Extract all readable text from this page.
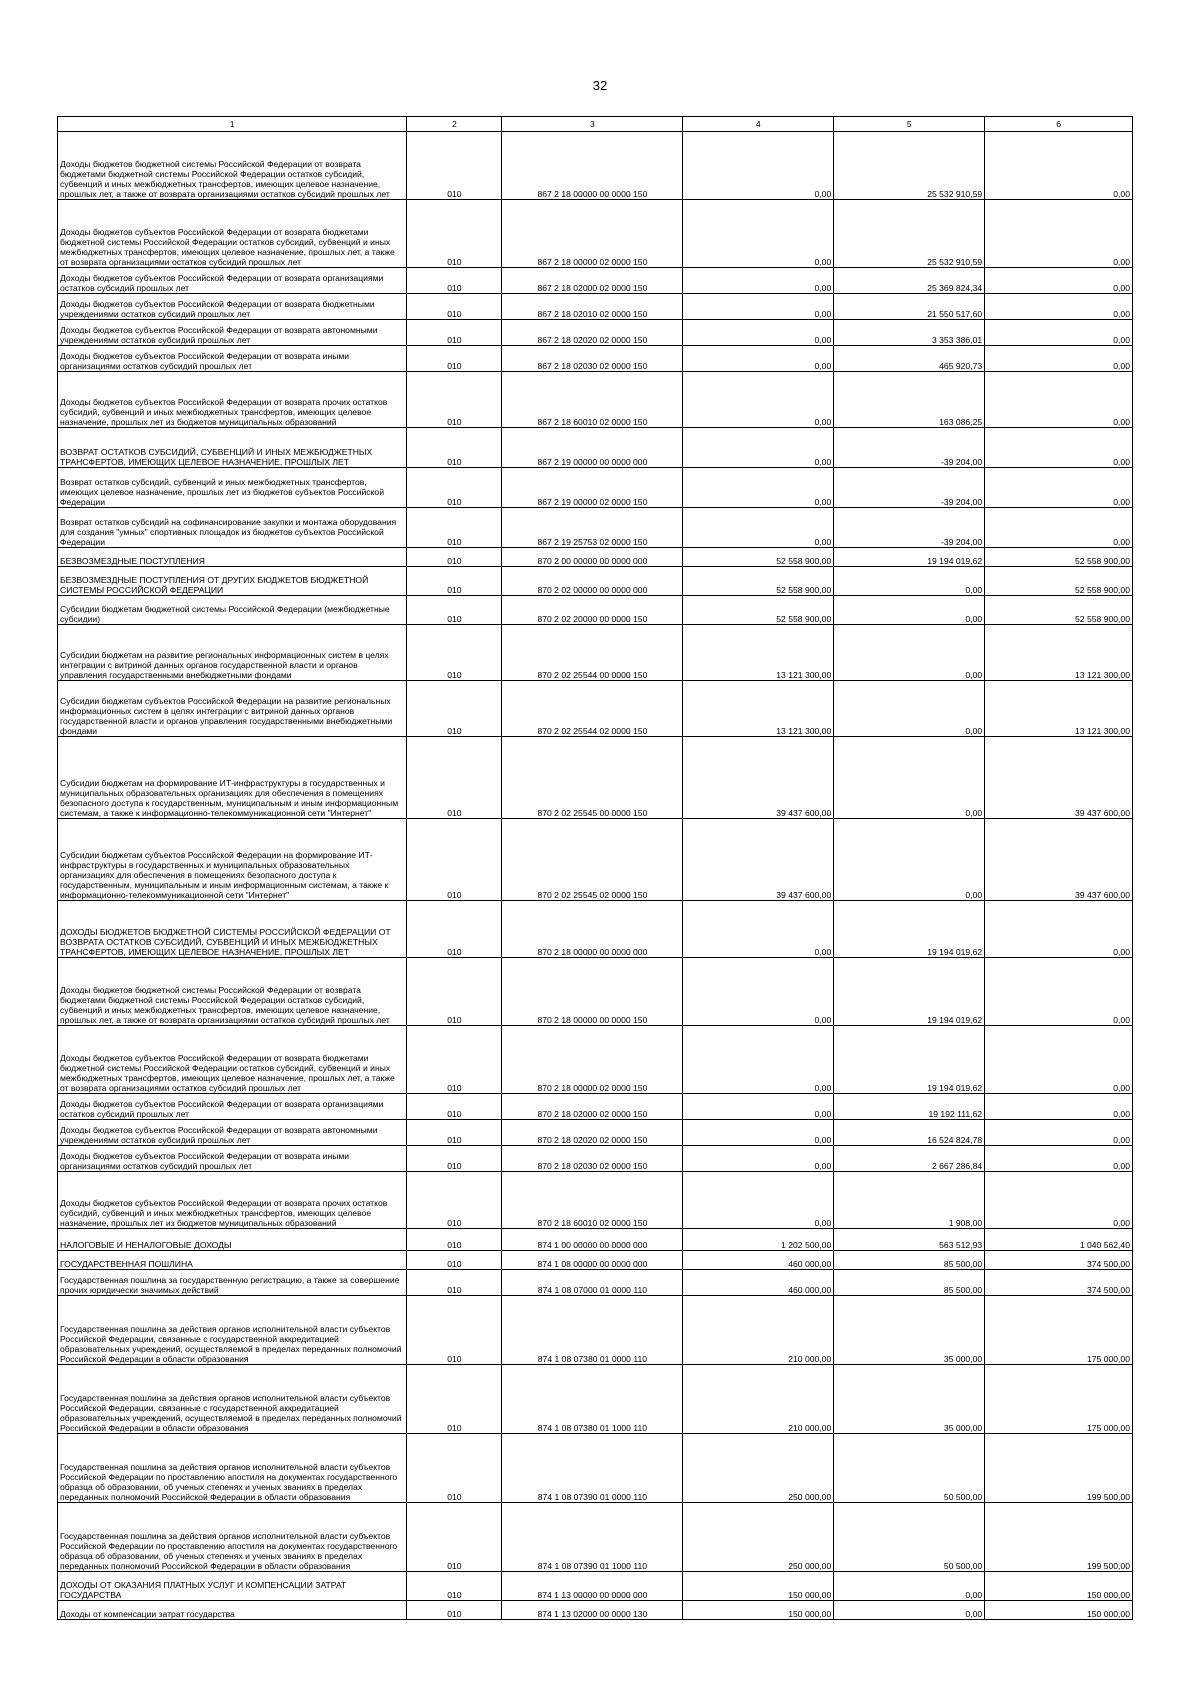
32
1	2	3	4	5	6
Доходы бюджетов бюджетной системы Российской Федерации от возврата бюджетами бюджетной системы Российской Федерации остатков субсидий, субвенций и иных межбюджетных трансфертов, имеющих целевое назначение, прошлых лет, а также от возврата организациями остатков субсидий прошлых лет	010	867 2 18 00000 00 0000 150	0,00	25 532 910,59	0,00
Доходы бюджетов субъектов Российской Федерации от возврата бюджетами бюджетной системы Российской Федерации остатков субсидий, субвенций и иных межбюджетных трансфертов, имеющих целевое назначение, прошлых лет, а также от возврата организациями остатков субсидий прошлых лет	010	867 2 18 00000 02 0000 150	0,00	25 532 910,59	0,00
Доходы бюджетов субъектов Российской Федерации от возврата организациями остатков субсидий прошлых лет	010	867 2 18 02000 02 0000 150	0,00	25 369 824,34	0,00
Доходы бюджетов субъектов Российской Федерации от возврата бюджетными учреждениями остатков субсидий прошлых лет	010	867 2 18 02010 02 0000 150	0,00	21 550 517,60	0,00
Доходы бюджетов субъектов Российской Федерации от возврата автономными учреждениями остатков субсидий прошлых лет	010	867 2 18 02020 02 0000 150	0,00	3 353 386,01	0,00
Доходы бюджетов субъектов Российской Федерации от возврата иными организациями остатков субсидий прошлых лет	010	867 2 18 02030 02 0000 150	0,00	465 920,73	0,00
Доходы бюджетов субъектов Российской Федерации от возврата прочих остатков субсидий, субвенций и иных межбюджетных трансфертов, имеющих целевое назначение, прошлых лет из бюджетов муниципальных образований	010	867 2 18 60010 02 0000 150	0,00	163 086,25	0,00
ВОЗВРАТ ОСТАТКОВ СУБСИДИЙ, СУБВЕНЦИЙ И ИНЫХ МЕЖБЮДЖЕТНЫХ ТРАНСФЕРТОВ, ИМЕЮЩИХ ЦЕЛЕВОЕ НАЗНАЧЕНИЕ, ПРОШЛЫХ ЛЕТ	010	867 2 19 00000 00 0000 000	0,00	-39 204,00	0,00
Возврат остатков субсидий, субвенций и иных межбюджетных трансфертов, имеющих целевое назначение, прошлых лет из бюджетов субъектов Российской Федерации	010	867 2 19 00000 02 0000 150	0,00	-39 204,00	0,00
Возврат остатков субсидий на софинансирование закупки и монтажа оборудования для создания "умных" спортивных площадок из бюджетов субъектов Российской Федерации	010	867 2 19 25753 02 0000 150	0,00	-39 204,00	0,00
БЕЗВОЗМЕЗДНЫЕ ПОСТУПЛЕНИЯ	010	870 2 00 00000 00 0000 000	52 558 900,00	19 194 019,62	52 558 900,00
БЕЗВОЗМЕЗДНЫЕ ПОСТУПЛЕНИЯ ОТ ДРУГИХ БЮДЖЕТОВ БЮДЖЕТНОЙ СИСТЕМЫ РОССИЙСКОЙ ФЕДЕРАЦИИ	010	870 2 02 00000 00 0000 000	52 558 900,00	0,00	52 558 900,00
Субсидии бюджетам бюджетной системы Российской Федерации (межбюджетные субсидии)	010	870 2 02 20000 00 0000 150	52 558 900,00	0,00	52 558 900,00
Субсидии бюджетам на развитие региональных информационных систем в целях интеграции с витриной данных органов государственной власти и органов управления государственными внебюджетными фондами	010	870 2 02 25544 00 0000 150	13 121 300,00	0,00	13 121 300,00
Субсидии бюджетам субъектов Российской Федерации на развитие региональных информационных систем в целях интеграции с витриной данных органов государственной власти и органов управления государственными внебюджетными фондами	010	870 2 02 25544 02 0000 150	13 121 300,00	0,00	13 121 300,00
Субсидии бюджетам на формирование ИТ-инфраструктуры в государственных и муниципальных образовательных организациях для обеспечения в помещениях безопасного доступа к государственным, муниципальным и иным информационным системам, а также к информационно-телекоммуникационной сети "Интернет"	010	870 2 02 25545 00 0000 150	39 437 600,00	0,00	39 437 600,00
Субсидии бюджетам субъектов Российской Федерации на формирование ИТ-инфраструктуры в государственных и муниципальных образовательных организациях для обеспечения в помещениях безопасного доступа к государственным, муниципальным и иным информационным системам, а также к информационно-телекоммуникационной сети "Интернет"	010	870 2 02 25545 02 0000 150	39 437 600,00	0,00	39 437 600,00
ДОХОДЫ БЮДЖЕТОВ БЮДЖЕТНОЙ СИСТЕМЫ РОССИЙСКОЙ ФЕДЕРАЦИИ ОТ ВОЗВРАТА ОСТАТКОВ СУБСИДИЙ, СУБВЕНЦИЙ И ИНЫХ МЕЖБЮДЖЕТНЫХ ТРАНСФЕРТОВ, ИМЕЮЩИХ ЦЕЛЕВОЕ НАЗНАЧЕНИЕ, ПРОШЛЫХ ЛЕТ	010	870 2 18 00000 00 0000 000	0,00	19 194 019,62	0,00
Доходы бюджетов бюджетной системы Российской Федерации от возврата бюджетами бюджетной системы Российской Федерации остатков субсидий, субвенций и иных межбюджетных трансфертов, имеющих целевое назначение, прошлых лет, а также от возврата организациями остатков субсидий прошлых лет	010	870 2 18 00000 00 0000 150	0,00	19 194 019,62	0,00
Доходы бюджетов субъектов Российской Федерации от возврата бюджетами бюджетной системы Российской Федерации остатков субсидий, субвенций и иных межбюджетных трансфертов, имеющих целевое назначение, прошлых лет, а также от возврата организациями остатков субсидий прошлых лет	010	870 2 18 00000 02 0000 150	0,00	19 194 019,62	0,00
Доходы бюджетов субъектов Российской Федерации от возврата организациями остатков субсидий прошлых лет	010	870 2 18 02000 02 0000 150	0,00	19 192 111,62	0,00
Доходы бюджетов субъектов Российской Федерации от возврата автономными учреждениями остатков субсидий прошлых лет	010	870 2 18 02020 02 0000 150	0,00	16 524 824,78	0,00
Доходы бюджетов субъектов Российской Федерации от возврата иными организациями остатков субсидий прошлых лет	010	870 2 18 02030 02 0000 150	0,00	2 667 286,84	0,00
Доходы бюджетов субъектов Российской Федерации от возврата прочих остатков субсидий, субвенций и иных межбюджетных трансфертов, имеющих целевое назначение, прошлых лет из бюджетов муниципальных образований	010	870 2 18 60010 02 0000 150	0,00	1 908,00	0,00
НАЛОГОВЫЕ И НЕНАЛОГОВЫЕ ДОХОДЫ	010	874 1 00 00000 00 0000 000	1 202 500,00	563 512,93	1 040 562,40
ГОСУДАРСТВЕННАЯ ПОШЛИНА	010	874 1 08 00000 00 0000 000	460 000,00	85 500,00	374 500,00
Государственная пошлина за государственную регистрацию, а также за совершение прочих юридически значимых действий	010	874 1 08 07000 01 0000 110	460 000,00	85 500,00	374 500,00
Государственная пошлина за действия органов исполнительной власти субъектов Российской Федерации, связанные с государственной аккредитацией образовательных учреждений, осуществляемой в пределах переданных полномочий Российской Федерации в области образования	010	874 1 08 07380 01 0000 110	210 000,00	35 000,00	175 000,00
Государственная пошлина за действия органов исполнительной власти субъектов Российской Федерации, связанные с государственной аккредитацией образовательных учреждений, осуществляемой в пределах переданных полномочий Российской Федерации в области образования	010	874 1 08 07380 01 1000 110	210 000,00	35 000,00	175 000,00
Государственная пошлина за действия органов исполнительной власти субъектов Российской Федерации по проставлению апостиля на документах государственного образца об образовании, об ученых степенях и ученых званиях в пределах переданных полномочий Российской Федерации в области образования	010	874 1 08 07390 01 0000 110	250 000,00	50 500,00	199 500,00
Государственная пошлина за действия органов исполнительной власти субъектов Российской Федерации по проставлению апостиля на документах государственного образца об образовании, об ученых степенях и ученых званиях в пределах переданных полномочий Российской Федерации в области образования	010	874 1 08 07390 01 1000 110	250 000,00	50 500,00	199 500,00
ДОХОДЫ ОТ ОКАЗАНИЯ ПЛАТНЫХ УСЛУГ И КОМПЕНСАЦИИ ЗАТРАТ ГОСУДАРСТВА	010	874 1 13 00000 00 0000 000	150 000,00	0,00	150 000,00
Доходы от компенсации затрат государства	010	874 1 13 02000 00 0000 130	150 000,00	0,00	150 000,00
